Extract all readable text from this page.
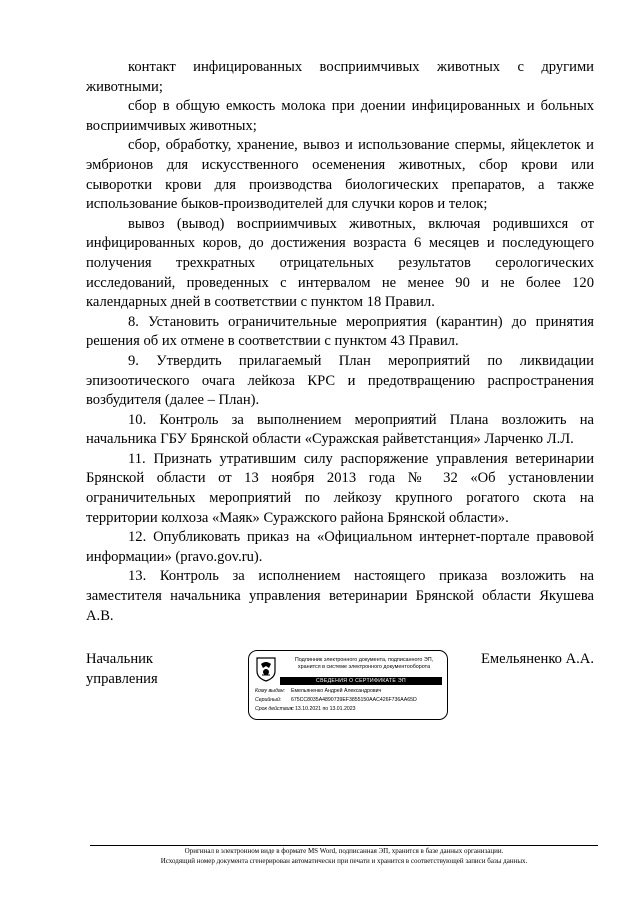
контакт инфицированных восприимчивых животных с другими животными;

сбор в общую емкость молока при доении инфицированных и больных восприимчивых животных;

сбор, обработку, хранение, вывоз и использование спермы, яйцеклеток и эмбрионов для искусственного осеменения животных, сбор крови или сыворотки крови для производства биологических препаратов, а также использование быков-производителей для случки коров и телок;

вывоз (вывод) восприимчивых животных, включая родившихся от инфицированных коров, до достижения возраста 6 месяцев и последующего получения трехкратных отрицательных результатов серологических исследований, проведенных с интервалом не менее 90 и не более 120 календарных дней в соответствии с пунктом 18 Правил.

8. Установить ограничительные мероприятия (карантин) до принятия решения об их отмене в соответствии с пунктом 43 Правил.

9. Утвердить прилагаемый План мероприятий по ликвидации эпизоотического очага лейкоза КРС и предотвращению распространения возбудителя (далее – План).

10. Контроль за выполнением мероприятий Плана возложить на начальника ГБУ Брянской области «Суражская райветстанция» Ларченко Л.Л.

11. Признать утратившим силу распоряжение управления ветеринарии Брянской области от 13 ноября 2013 года № 32 «Об установлении ограничительных мероприятий по лейкозу крупного рогатого скота на территории колхоза «Маяк» Суражского района Брянской области».

12. Опубликовать приказ на «Официальном интернет-портале правовой информации» (pravo.gov.ru).

13. Контроль за исполнением настоящего приказа возложить на заместителя начальника управления ветеринарии Брянской области Якушева А.В.

Начальник
управления
Подлинник электронного документа, подписанного ЭП,
хранится в системе электронного документооборота
СВЕДЕНИЯ О СЕРТИФИКАТЕ ЭП
Кому выдан: Емельяненко Андрей Александрович
Серийный: 675CC8035A4890739EF3855150AAC426F736AA65D
Срок действия:с 13.10.2021 по 13.01.2023
Емельяненко А.А.
Оригинал в электронном виде в формате MS Word, подписанная ЭП, хранится в базе данных организации.
Исходящий номер документа сгенерирован автоматически при печати и хранится в соответствующей записи базы данных.
